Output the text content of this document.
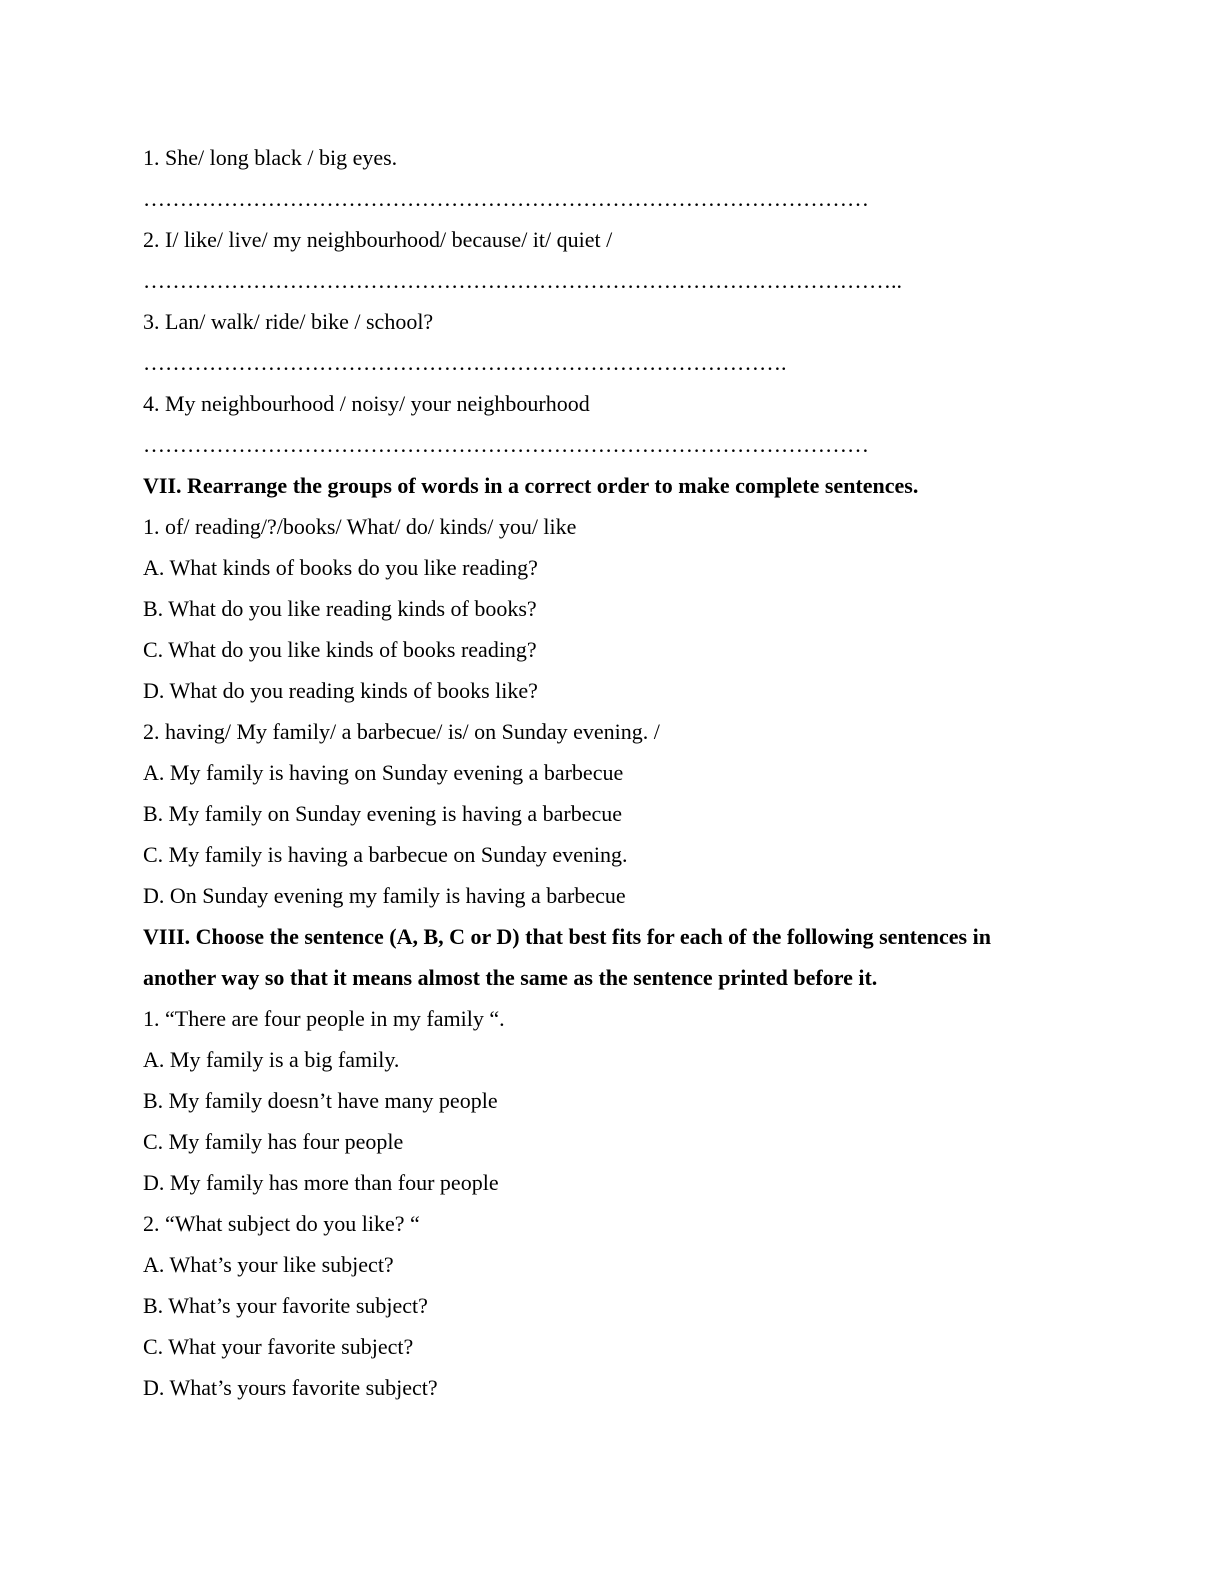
1. She/ long black / big eyes.
………………………………………………………………………………………
2. I/ like/ live/ my neighbourhood/ because/ it/ quiet /
…………………………………………………………………………………………..
3. Lan/ walk/ ride/ bike / school?
…………………………………………………………………………….
4. My neighbourhood / noisy/ your neighbourhood
………………………………………………………………………………………
VII. Rearrange the groups of words in a correct order to make complete sentences.
1. of/ reading/?/books/ What/ do/ kinds/ you/ like
A. What kinds of books do you like reading?
B. What do you like reading kinds of books?
C. What do you like kinds of books reading?
D. What do you reading kinds of books like?
2. having/ My family/ a barbecue/ is/ on Sunday evening. /
A. My family is having on Sunday evening a barbecue
B. My family on Sunday evening is having a barbecue
C. My family is having a barbecue on Sunday evening.
D. On Sunday evening my family is having a barbecue
VIII. Choose the sentence (A, B, C or D) that best fits for each of the following sentences in
another way so that it means almost the same as the sentence printed before it.
1. “There are four people in my family “.
A. My family is a big family.
B. My family doesn’t have many people
C. My family has four people
D. My family has more than four people
2. “What subject do you like? “
A. What’s your like subject?
B. What’s your favorite subject?
C. What your favorite subject?
D. What’s yours favorite subject?
